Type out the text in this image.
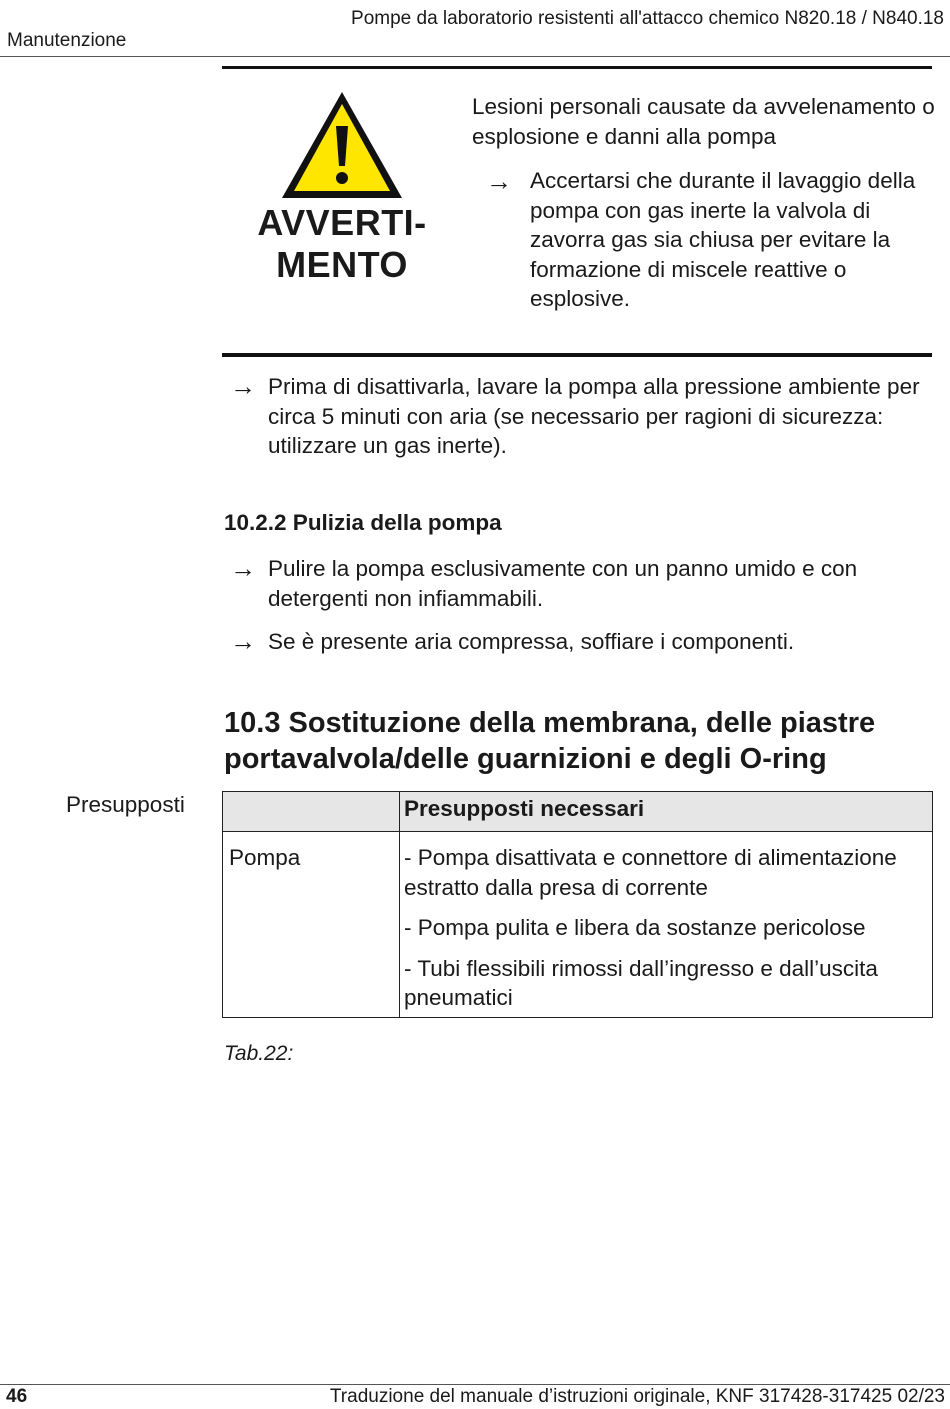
Manutenzione
Pompe da laboratorio resistenti all'attacco chemico N820.18 / N840.18
AVVERTI-
MENTO
Lesioni personali causate da avvelenamento o esplosione e danni alla pompa
→ Accertarsi che durante il lavaggio della pompa con gas inerte la valvola di zavorra gas sia chiusa per evitare la formazione di miscele reattive o esplosive.
→ Prima di disattivarla, lavare la pompa alla pressione ambiente per circa 5 minuti con aria (se necessario per ragioni di sicurezza: utilizzare un gas inerte).
10.2.2 Pulizia della pompa
→ Pulire la pompa esclusivamente con un panno umido e con detergenti non infiammabili.
→ Se è presente aria compressa, soffiare i componenti.
10.3 Sostituzione della membrana, delle piastre portavalvola/delle guarnizioni e degli O-ring
Presupposti
		Presupposti necessari
Pompa	- Pompa disattivata e connettore di alimentazione estratto dalla presa di corrente
- Pompa pulita e libera da sostanze pericolose
- Tubi flessibili rimossi dall’ingresso e dall’uscita pneumatici
Tab.22:
46	Traduzione del manuale d’istruzioni originale, KNF 317428-317425 02/23
